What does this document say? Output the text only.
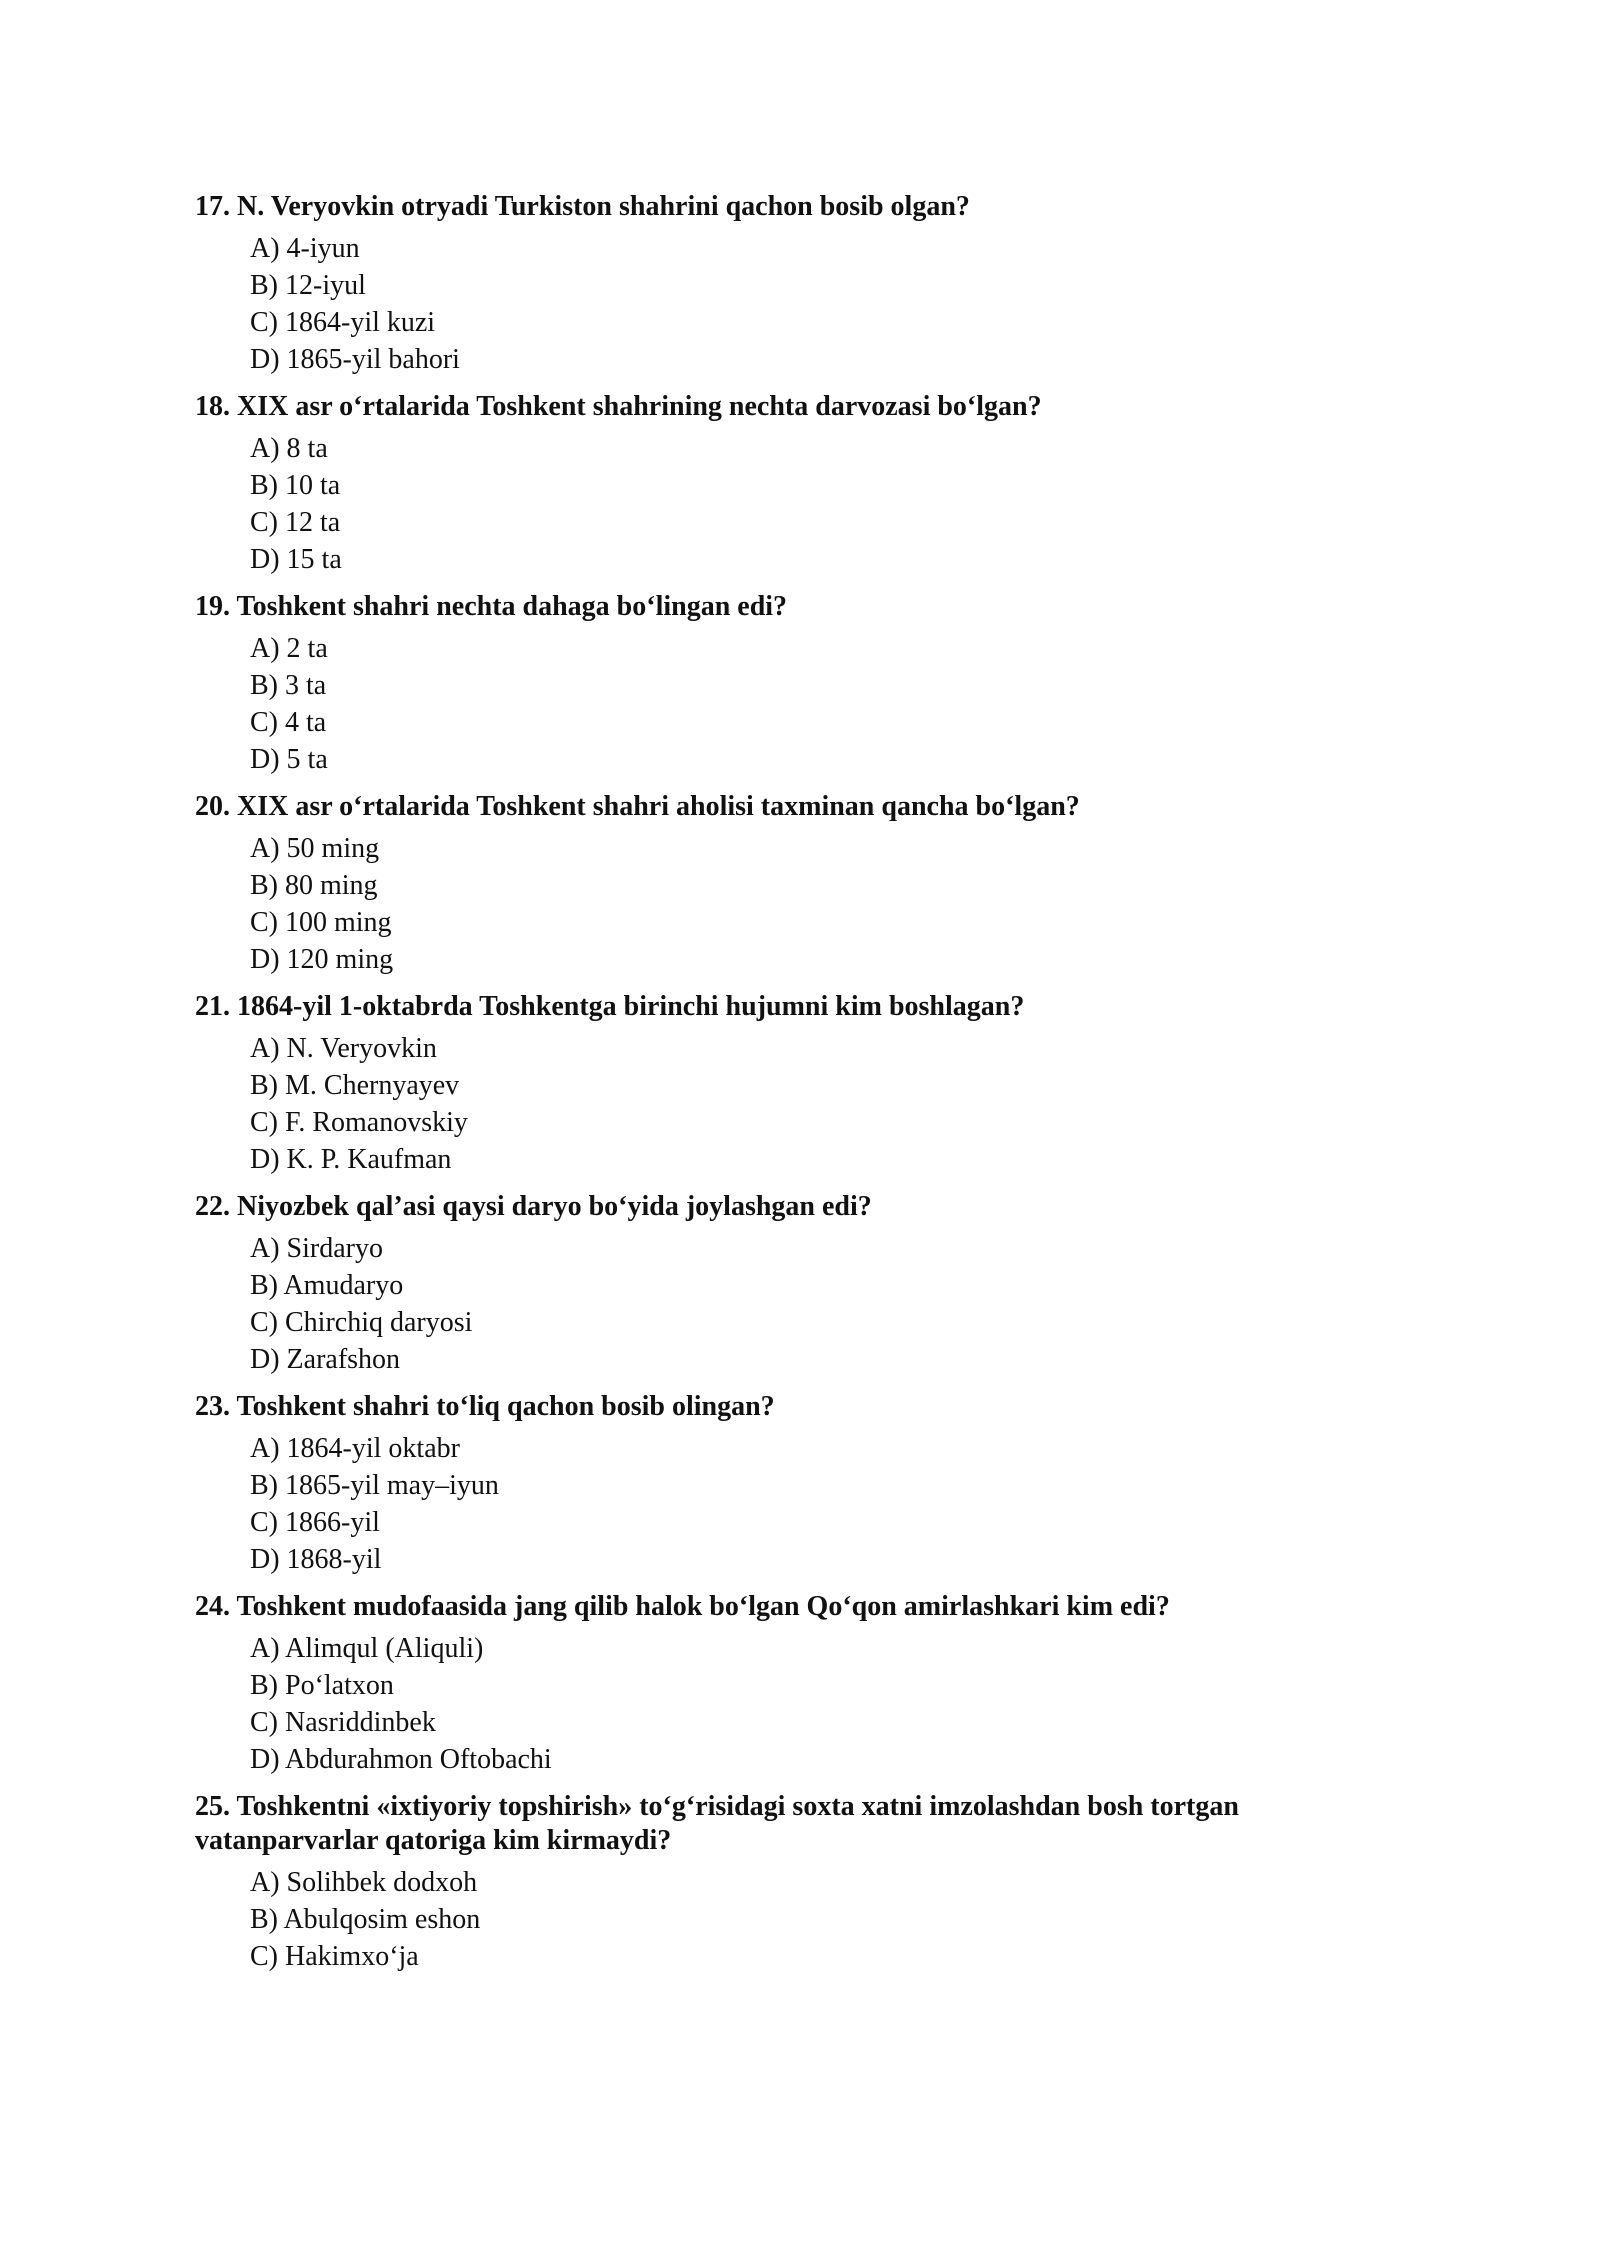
17. N. Veryovkin otryadi Turkiston shahrini qachon bosib olgan?

A) 4-iyun
B) 12-iyul
C) 1864-yil kuzi
D) 1865-yil bahori

18. XIX asr o‘rtalarida Toshkent shahrining nechta darvozasi bo‘lgan?

A) 8 ta
B) 10 ta
C) 12 ta
D) 15 ta

19. Toshkent shahri nechta dahaga bo‘lingan edi?

A) 2 ta
B) 3 ta
C) 4 ta
D) 5 ta

20. XIX asr o‘rtalarida Toshkent shahri aholisi taxminan qancha bo‘lgan?

A) 50 ming
B) 80 ming
C) 100 ming
D) 120 ming

21. 1864-yil 1-oktabrda Toshkentga birinchi hujumni kim boshlagan?

A) N. Veryovkin
B) M. Chernyayev
C) F. Romanovskiy
D) K. P. Kaufman

22. Niyozbek qal’asi qaysi daryo bo‘yida joylashgan edi?

A) Sirdaryo
B) Amudaryo
C) Chirchiq daryosi
D) Zarafshon

23. Toshkent shahri to‘liq qachon bosib olingan?

A) 1864-yil oktabr
B) 1865-yil may–iyun
C) 1866-yil
D) 1868-yil

24. Toshkent mudofaasida jang qilib halok bo‘lgan Qo‘qon amirlashkari kim edi?

A) Alimqul (Aliquli)
B) Po‘latxon
C) Nasriddinbek
D) Abdurahmon Oftobachi

25. Toshkentni «ixtiyoriy topshirish» to‘g‘risidagi soxta xatni imzolashdan bosh tortgan vatanparvarlar qatoriga kim kirmaydi?

A) Solihbek dodxoh
B) Abulqosim eshon
C) Hakimxo‘ja
